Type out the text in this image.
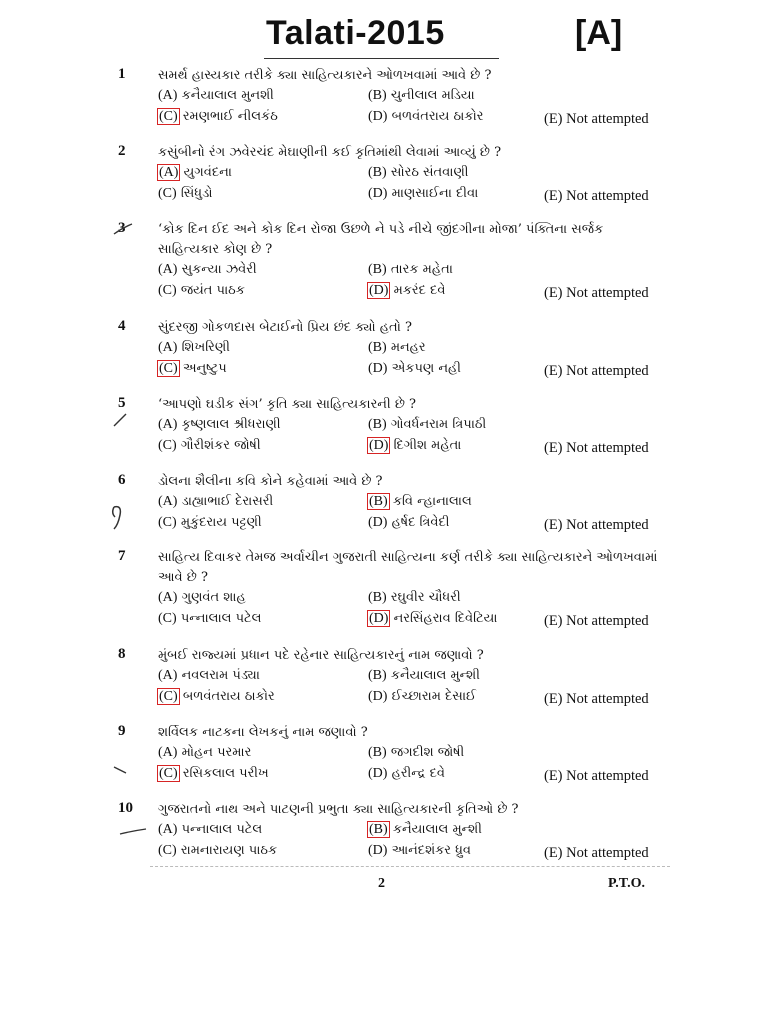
Talati-2015	[A]
1	સમર્થ હાસ્યકાર તરીકે ક્યા સાહિત્યકારને ઓળખવામાં આવે છે ?
(A) કનૈયાલાલ મુનશી	(B) ચુનીલાલ મડિયા
(C) રમણભાઈ નીલકંઠ	(D) બળવંતરાય ઠાકોર	(E) Not attempted
2	કસુંબીનો રંગ ઝવેરચંદ મેઘાણીની કઈ કૃતિમાંથી લેવામાં આવ્યું છે ?
(A) યુગવંદના	(B) સોરઠ સંતવાણી
(C) સિંધુડો	(D) માણસાઈના દીવા	(E) Not attempted
3	‘કોક દિન ઈદ અને કોક દિન રોજા ઉછળે ને પડે નીચે જીંદગીના મોજા’ પંક્તિના સર્જક સાહિત્યકાર કોણ છે ?
(A) સુકન્યા ઝવેરી	(B) તારક મહેતા
(C) જયંત પાઠક	(D) મકરંદ દવે	(E) Not attempted
4	સુંદરજી ગોકળદાસ બેટાઈનો પ્રિય છંદ ક્યો હતો ?
(A) શિખરિણી	(B) મનહર
(C) અનુષ્ટુપ	(D) એકપણ નહી	(E) Not attempted
5	‘આપણો ઘડીક સંગ’ કૃતિ ક્યા સાહિત્યકારની છે ?
(A) કૃષ્ણલાલ શ્રીધરાણી	(B) ગોવર્ધનરામ ત્રિપાઠી
(C) ગૌરીશંકર જોષી	(D) દિગીશ મહેતા	(E) Not attempted
6	ડોલના શૈલીના કવિ કોને કહેવામાં આવે છે ?
(A) ડાહ્યાભાઈ દેરાસરી	(B) કવિ ન્હાનાલાલ
(C) મુકુંદરાય પટ્ટણી	(D) હર્ષદ ત્રિવેદી	(E) Not attempted
7	સાહિત્ય દિવાકર તેમજ અર્વાચીન ગુજરાતી સાહિત્યના કર્ણ તરીકે ક્યા સાહિત્યકારને ઓળખવામાં આવે છે ?
(A) ગુણવંત શાહ	(B) રઘુવીર ચૌધરી
(C) પન્નાલાલ પટેલ	(D) નરસિંહરાવ દિવેટિયા	(E) Not attempted
8	મુંબઈ રાજ્યમાં પ્રધાન પદે રહેનાર સાહિત્યકારનું નામ જણાવો ?
(A) નવલરામ પંડ્યા	(B) કનૈયાલાલ મુન્શી
(C) બળવંતરાય ઠાકોર	(D) ઈચ્છારામ દેસાઈ	(E) Not attempted
9	શર્વિલક નાટકના લેખકનું નામ જણાવો ?
(A) મોહન પરમાર	(B) જગદીશ જોષી
(C) રસિકલાલ પરીખ	(D) હરીન્દ્ર દવે	(E) Not attempted
10 ગુજરાતનો નાથ અને પાટણની પ્રભુતા ક્યા સાહિત્યકારની કૃતિઓ છે ?
(A) પન્નાલાલ પટેલ	(B) કનૈયાલાલ મુન્શી
(C) રામનારાયણ પાઠક	(D) આનંદશંકર ધ્રુવ	(E) Not attempted
2	P.T.O.
